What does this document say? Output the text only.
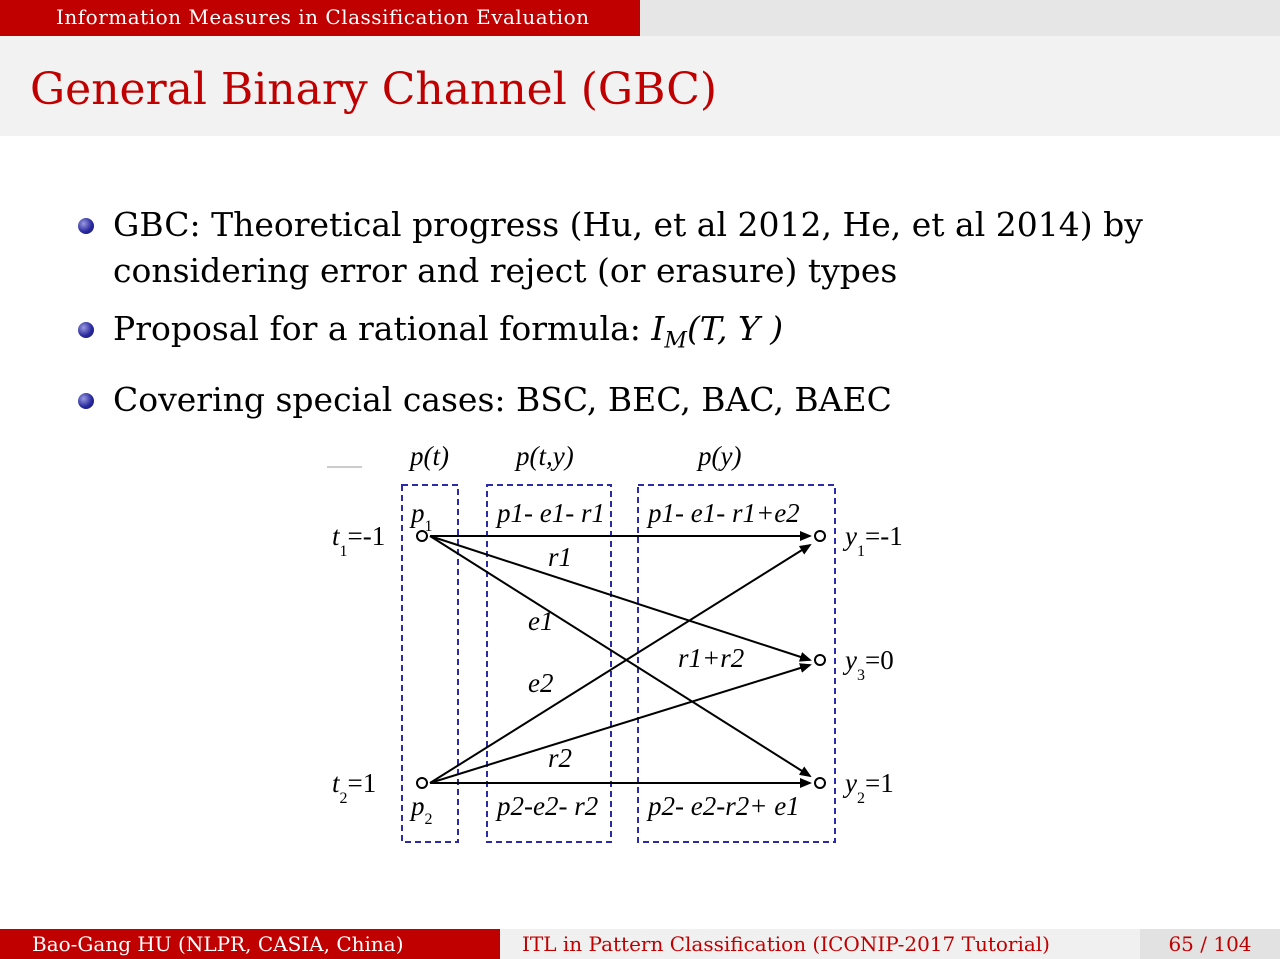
Information Measures in Classification Evaluation
General Binary Channel (GBC)
GBC: Theoretical progress (Hu, et al 2012, He, et al 2014) by considering error and reject (or erasure) types
Proposal for a rational formula: $I_M(T$, Y )
Covering special cases: BSC, BEC, BAC, BAEC
p(t) p(t,y)	p(y)
$t_1=-1$
$t_2=1$
$y_1=-1$
$y_3=0$
$y_2=1$
$p_1$
$p_2$
p1- e1- r1
p2-e2- r2
p1- e1- r1+e2
r1+r2
p2- e2-r2+ e1
r1
e1
e2
r2
Bao-Gang HU (NLPR, CASIA, China)	ITL in Pattern Classification (ICONIP-2017 Tutorial)	65 / 104
